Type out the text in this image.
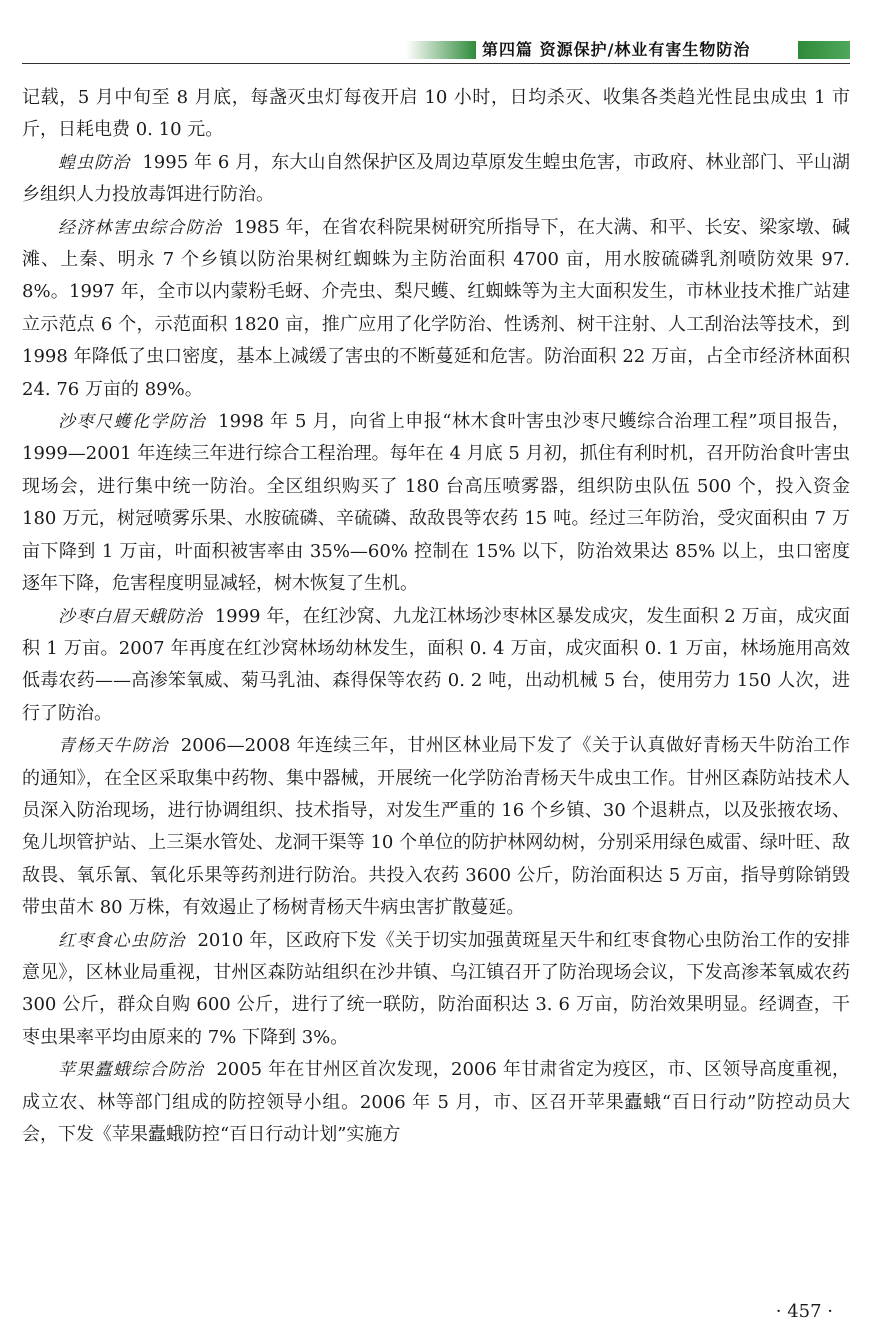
第四篇 资源保护/林业有害生物防治

记载，5 月中旬至 8 月底，每盏灭虫灯每夜开启 10 小时，日均杀灭、收集各类趋光性昆虫成虫 1 市斤，日耗电费 0. 10 元。

蝗虫防治 1995 年 6 月，东大山自然保护区及周边草原发生蝗虫危害，市政府、林业部门、平山湖乡组织人力投放毒饵进行防治。

经济林害虫综合防治 1985 年，在省农科院果树研究所指导下，在大满、和平、长安、梁家墩、碱滩、上秦、明永 7 个乡镇以防治果树红蜘蛛为主防治面积 4700 亩，用水胺硫磷乳剂喷防效果 97. 8%。1997 年，全市以内蒙粉毛蚜、介壳虫、梨尺蠖、红蜘蛛等为主大面积发生，市林业技术推广站建立示范点 6 个，示范面积 1820 亩，推广应用了化学防治、性诱剂、树干注射、人工刮治法等技术，到 1998 年降低了虫口密度，基本上减缓了害虫的不断蔓延和危害。防治面积 22 万亩，占全市经济林面积 24. 76 万亩的 89%。

沙枣尺蠖化学防治 1998 年 5 月，向省上申报“林木食叶害虫沙枣尺蠖综合治理工程”项目报告，1999—2001 年连续三年进行综合工程治理。每年在 4 月底 5 月初，抓住有利时机，召开防治食叶害虫现场会，进行集中统一防治。全区组织购买了 180 台高压喷雾器，组织防虫队伍 500 个，投入资金 180 万元，树冠喷雾乐果、水胺硫磷、辛硫磷、敌敌畏等农药 15 吨。经过三年防治，受灾面积由 7 万亩下降到 1 万亩，叶面积被害率由 35%—60% 控制在 15% 以下，防治效果达 85% 以上，虫口密度逐年下降，危害程度明显减轻，树木恢复了生机。

沙枣白眉天蛾防治 1999 年，在红沙窝、九龙江林场沙枣林区暴发成灾，发生面积 2 万亩，成灾面积 1 万亩。2007 年再度在红沙窝林场幼林发生，面积 0. 4 万亩，成灾面积 0. 1 万亩，林场施用高效低毒农药——高渗笨氧威、菊马乳油、森得保等农药 0. 2 吨，出动机械 5 台，使用劳力 150 人次，进行了防治。

青杨天牛防治 2006—2008 年连续三年，甘州区林业局下发了《关于认真做好青杨天牛防治工作的通知》，在全区采取集中药物、集中器械，开展统一化学防治青杨天牛成虫工作。甘州区森防站技术人员深入防治现场，进行协调组织、技术指导，对发生严重的 16 个乡镇、30 个退耕点，以及张掖农场、兔儿坝管护站、上三渠水管处、龙洞干渠等 10 个单位的防护林网幼树，分别采用绿色威雷、绿叶旺、敌敌畏、氧乐氰、氧化乐果等药剂进行防治。共投入农药 3600 公斤，防治面积达 5 万亩，指导剪除销毁带虫苗木 80 万株，有效遏止了杨树青杨天牛病虫害扩散蔓延。

红枣食心虫防治 2010 年，区政府下发《关于切实加强黄斑星天牛和红枣食物心虫防治工作的安排意见》，区林业局重视，甘州区森防站组织在沙井镇、乌江镇召开了防治现场会议，下发高渗苯氧威农药 300 公斤，群众自购 600 公斤，进行了统一联防，防治面积达 3. 6 万亩，防治效果明显。经调查，干枣虫果率平均由原来的 7% 下降到 3%。

苹果蠹蛾综合防治 2005 年在甘州区首次发现，2006 年甘肃省定为疫区，市、区领导高度重视，成立农、林等部门组成的防控领导小组。2006 年 5 月，市、区召开苹果蠹蛾“百日行动”防控动员大会，下发《苹果蠹蛾防控“百日行动计划”实施方

· 457 ·
